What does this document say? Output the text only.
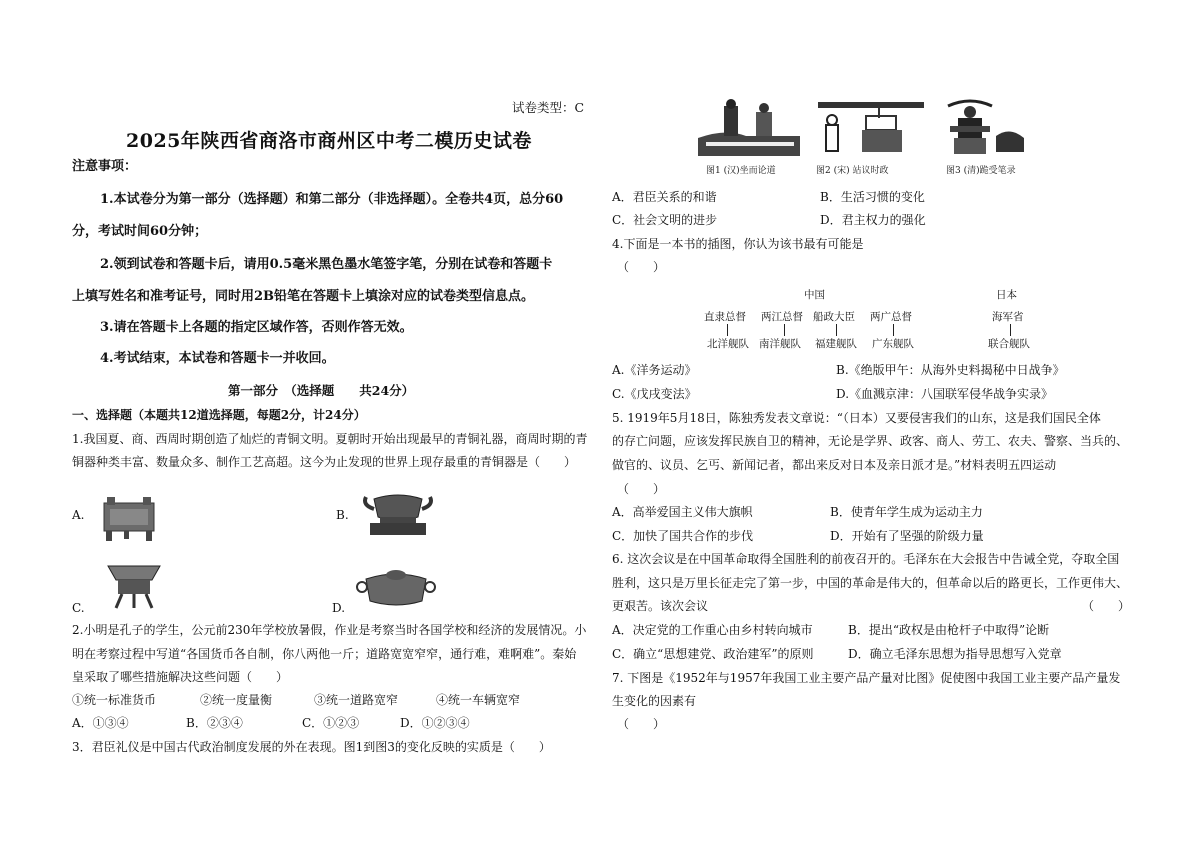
试卷类型：C
2025年陕西省商洛市商州区中考二模历史试卷
注意事项：
1.本试卷分为第一部分（选择题）和第二部分（非选择题）。全卷共4页，总分60
分，考试时间60分钟；
2.领到试卷和答题卡后，请用0.5毫米黑色墨水笔签字笔，分别在试卷和答题卡
上填写姓名和准考证号，同时用2B铅笔在答题卡上填涂对应的试卷类型信息点。
3.请在答题卡上各题的指定区域作答，否则作答无效。
4.考试结束，本试卷和答题卡一并收回。
第一部分　（选择题　　共24分）
一、选择题（本题共12道选择题，每题2分，计24分）
1.我国夏、商、西周时期创造了灿烂的青铜文明。夏朝时开始出现最早的青铜礼器，商周时期的青
铜器种类丰富、数量众多、制作工艺高超。这今为止发现的世界上现存最重的青铜器是（　　）
A.	B.
C.	D.
2.小明是孔子的学生，公元前230年学校放暑假，作业是考察当时各国学校和经济的发展情况。小
明在考察过程中写道“各国货币各自制，你八两他一斤；道路宽宽窄窄，通行难，难啊难”。秦始
皇采取了哪些措施解决这些问题（　　）
①统一标准货币	②统一度量衡	③统一道路宽窄	④统一车辆宽窄
A．①③④	B．②③④	C．①②③	D．①②③④
3．君臣礼仪是中国古代政治制度发展的外在表现。图1到图3的变化反映的实质是（　　）
图1 (汉)坐而论道	图2 (宋) 站议时政	图3 (清)跪受笔录
A．君臣关系的和谐	B．生活习惯的变化
C．社会文明的进步	D．君主权力的强化
4.下面是一本书的插图，你认为该书最有可能是
（　　）
中国	日本
直隶总督 两江总督 船政大臣 两广总督	海军省
北洋舰队 南洋舰队 福建舰队 广东舰队	联合舰队
A.《洋务运动》	B.《绝版甲午：从海外史料揭秘中日战争》
C.《戊戌变法》	D.《血溅京津：八国联军侵华战争实录》
5. 1919年5月18日，陈独秀发表文章说：“（日本）又要侵害我们的山东，这是我们国民全体
的存亡问题，应该发挥民族自卫的精神，无论是学界、政客、商人、劳工、农夫、警察、当兵的、
做官的、议员、乞丐、新闻记者，都出来反对日本及亲日派才是。”材料表明五四运动
（　　）
A．高举爱国主义伟大旗帜	B．使青年学生成为运动主力
C．加快了国共合作的步伐	D．开始有了坚强的阶级力量
6. 这次会议是在中国革命取得全国胜利的前夜召开的。毛泽东在大会报告中告诫全党，夺取全国
胜利，这只是万里长征走完了第一步，中国的革命是伟大的，但革命以后的路更长，工作更伟大、
更艰苦。该次会议	（　　）
A．决定党的工作重心由乡村转向城市	B．提出“政权是由枪杆子中取得”论断
C．确立“思想建党、政治建军”的原则	D．确立毛泽东思想为指导思想写入党章
7. 下图是《1952年与1957年我国工业主要产品产量对比图》促使图中我国工业主要产品产量发
生变化的因素有
（　　）
